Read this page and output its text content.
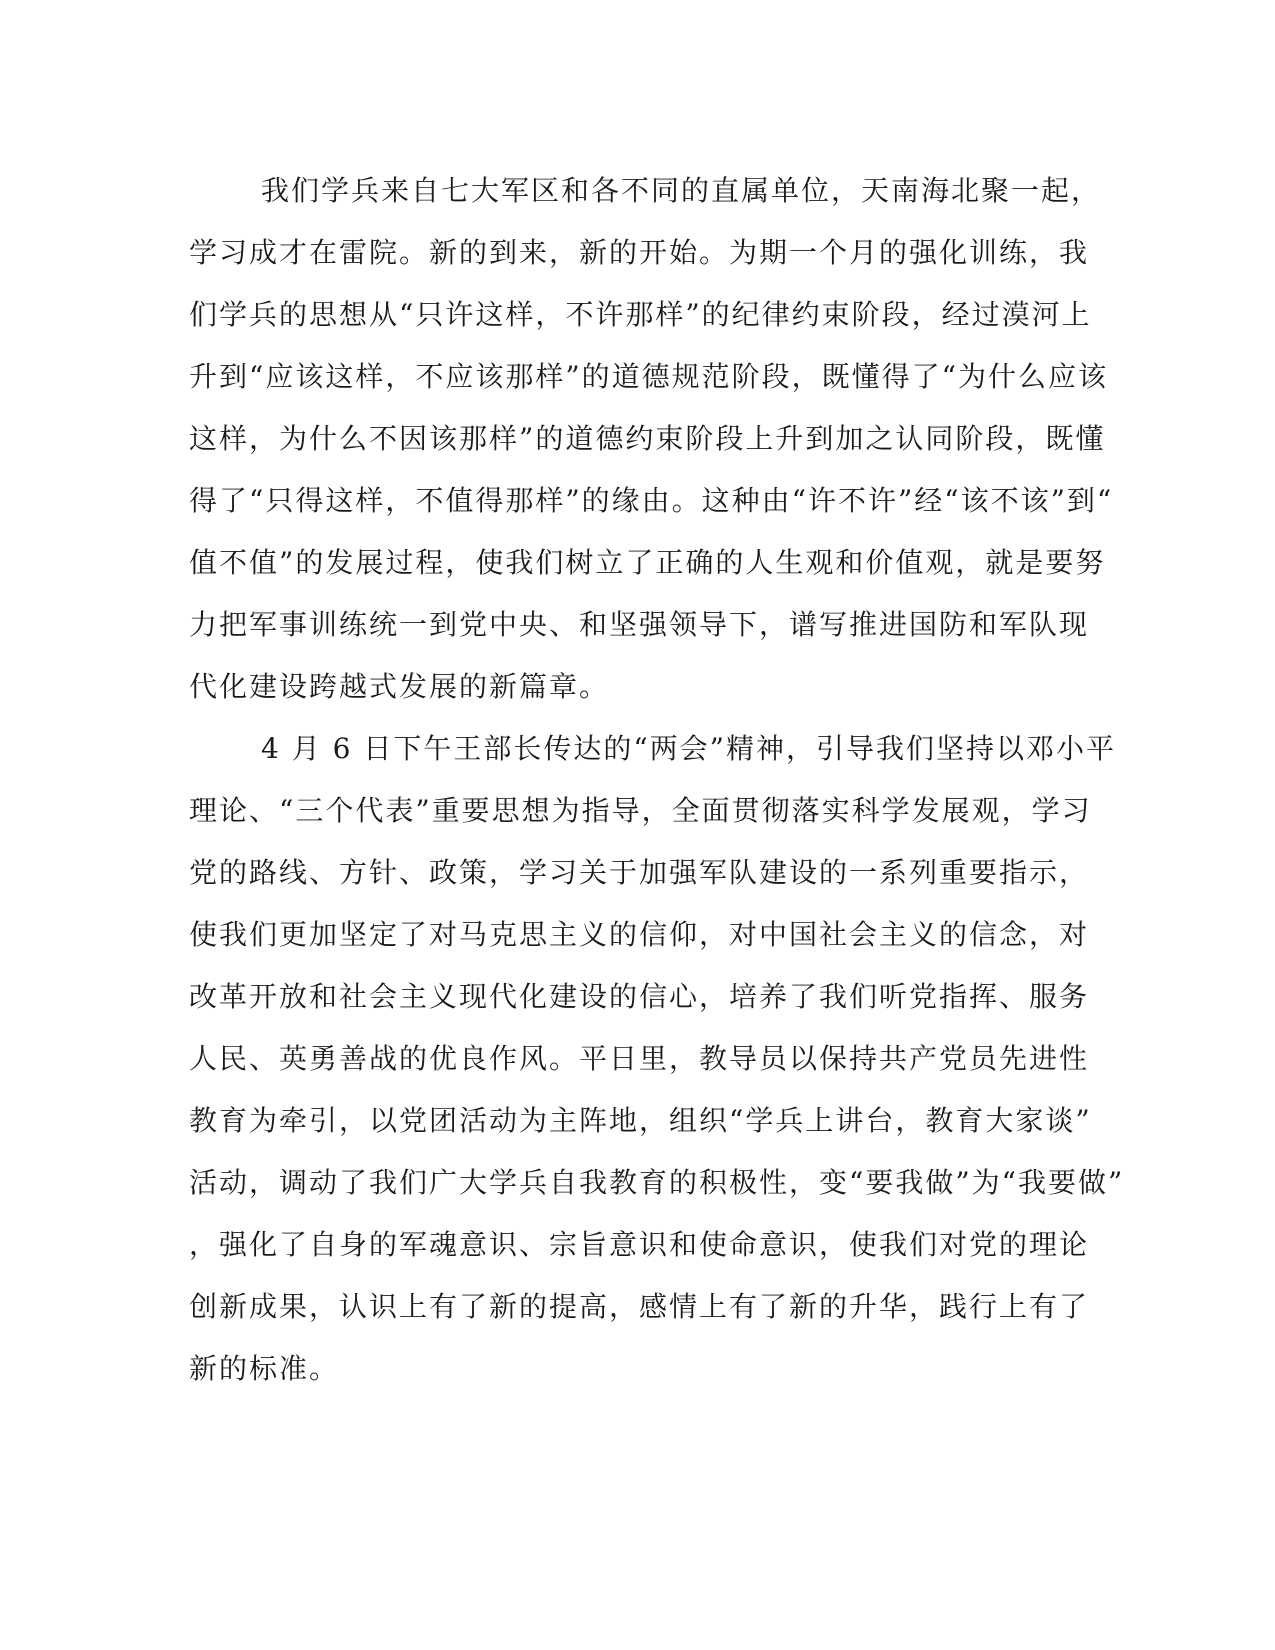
我们学兵来自七大军区和各不同的直属单位，天南海北聚一起，
学习成才在雷院。新的到来，新的开始。为期一个月的强化训练，我
们学兵的思想从“只许这样，不许那样”的纪律约束阶段，经过漠河上
升到“应该这样，不应该那样”的道德规范阶段，既懂得了“为什么应该
这样，为什么不因该那样”的道德约束阶段上升到加之认同阶段，既懂
得了“只得这样，不值得那样”的缘由。这种由“许不许”经“该不该”到“
值不值”的发展过程，使我们树立了正确的人生观和价值观，就是要努
力把军事训练统一到党中央、和坚强领导下，谱写推进国防和军队现
代化建设跨越式发展的新篇章。
4 月 6 日下午王部长传达的“两会”精神，引导我们坚持以邓小平
理论、“三个代表”重要思想为指导，全面贯彻落实科学发展观，学习
党的路线、方针、政策，学习关于加强军队建设的一系列重要指示，
使我们更加坚定了对马克思主义的信仰，对中国社会主义的信念，对
改革开放和社会主义现代化建设的信心，培养了我们听党指挥、服务
人民、英勇善战的优良作风。平日里，教导员以保持共产党员先进性
教育为牵引，以党团活动为主阵地，组织“学兵上讲台，教育大家谈”
活动，调动了我们广大学兵自我教育的积极性，变“要我做”为“我要做”
，强化了自身的军魂意识、宗旨意识和使命意识，使我们对党的理论
创新成果，认识上有了新的提高，感情上有了新的升华，践行上有了
新的标准。
